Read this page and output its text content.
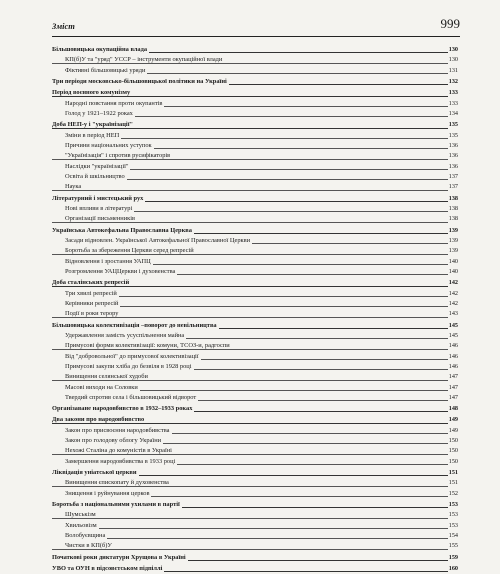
Зміст	999
Більшовицька окупаційна влада	130
КП(б)У та "уряд" УССР – інструменти окупаційної влади	130
Фіктивні більшовицькі уряди	131
Три періоди московсько-більшовицької політики на Україні	132
Період воєнного комунізму	133
Народні повстання проти окупантів	133
Голод у 1921–1922 роках	134
Доба НЕП-у і "українізації"	135
Зміни в період НЕП	135
Причини національних уступок	136
"Українізація" і спротив русифікаторів	136
Наслідки "українізації"	136
Освіта й шкільництво	137
Наука	137
Літературний і мистецький рух	138
Нові впливи в літературі	138
Організації письменників	138
Українська Автокефальна Православна Церква	139
Засади відновлен. Української Автокефальної Православної Церкви	139
Боротьба за збереження Церкви серед репресій	139
Відновлення і зростання УАПЦ	140
Розгромлення УАЦЦеркви і духовенства	140
Доба сталінських репресій	142
Три хвилі репресій	142
Керівники репресій	142
Події в роки терору	143
Більшовицька колективізація –поворот до невільництва	145
Удержавлення замість усуспільнення майна	145
Примусові форми колективізації: комуни, ТСОЗ-и, радгоспи	146
Від "добровольної" до примусової колективізації	146
Примусові закупи хліба до безвіля в 1928 році	146
Винищення селянської худоби	147
Масові виходи на Соловки	147
Твердий спротив села і більшовицький відворот	147
Організаване народовбивство в 1932–1933 роках	148
Два закони про народовбивство	149
Закон про присвоєння народовбивства	149
Закон про голодову облогу України	150
Нехожі Сталіна до комуністів в Україні	150
Замершення народовбивства в 1933 році	150
Ліквідація уніатської церкви	151
Винищення єпископату й духовенства	151
Знищення і руйнування церков	152
Боротьба з національними ухилами в партії	153
Шумськізм	153
Хвильовізм	153
Волобуєвщина	154
Чистки в КП(б)У	155
Початкові роки диктатури Хрущова в Україні	159
УВО та ОУН в підсовєтськом підпіллі	160
